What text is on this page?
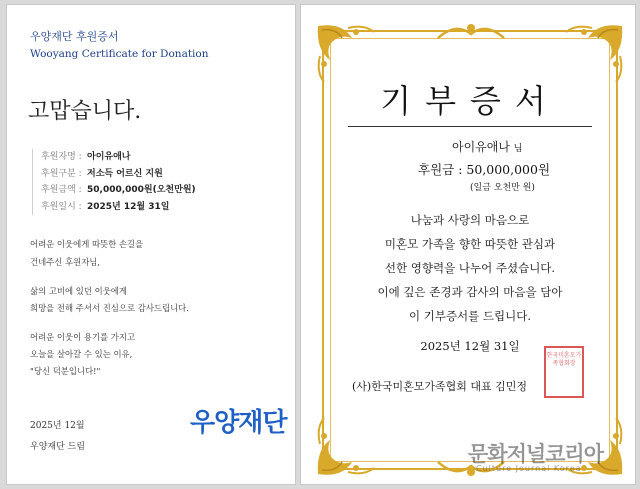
우양재단 후원증서
Wooyang Certificate for Donation
고맙습니다.
후원자명 : 아이유애나
후원구분 : 저소득 어르신 지원
후원금액 : 50,000,000원(오천만원)
후원일시 : 2025년 12월 31일
어려운 이웃에게 따뜻한 손길을
건네주신 후원자님,
삶의 고비에 있던 이웃에게
희망을 전해 주셔서 진심으로 감사드립니다.
어려운 이웃이 용기를 가지고
오늘을 살아갈 수 있는 이유,
"당신 덕분입니다!"
2025년 12월
우양재단 드림
우양재단
기부증서
아이유애나 님
후원금 : 50,000,000원
(일금 오천만 원)
나눔과 사랑의 마음으로
미혼모 가족을 향한 따뜻한 관심과
선한 영향력을 나누어 주셨습니다.
이에 깊은 존경과 감사의 마음을 담아
이 기부증서를 드립니다.
2025년 12월 31일
(사)한국미혼모가족협회 대표 김민정
한국미혼모가족협회장
문화저널코리아
Culture Journal Korea
